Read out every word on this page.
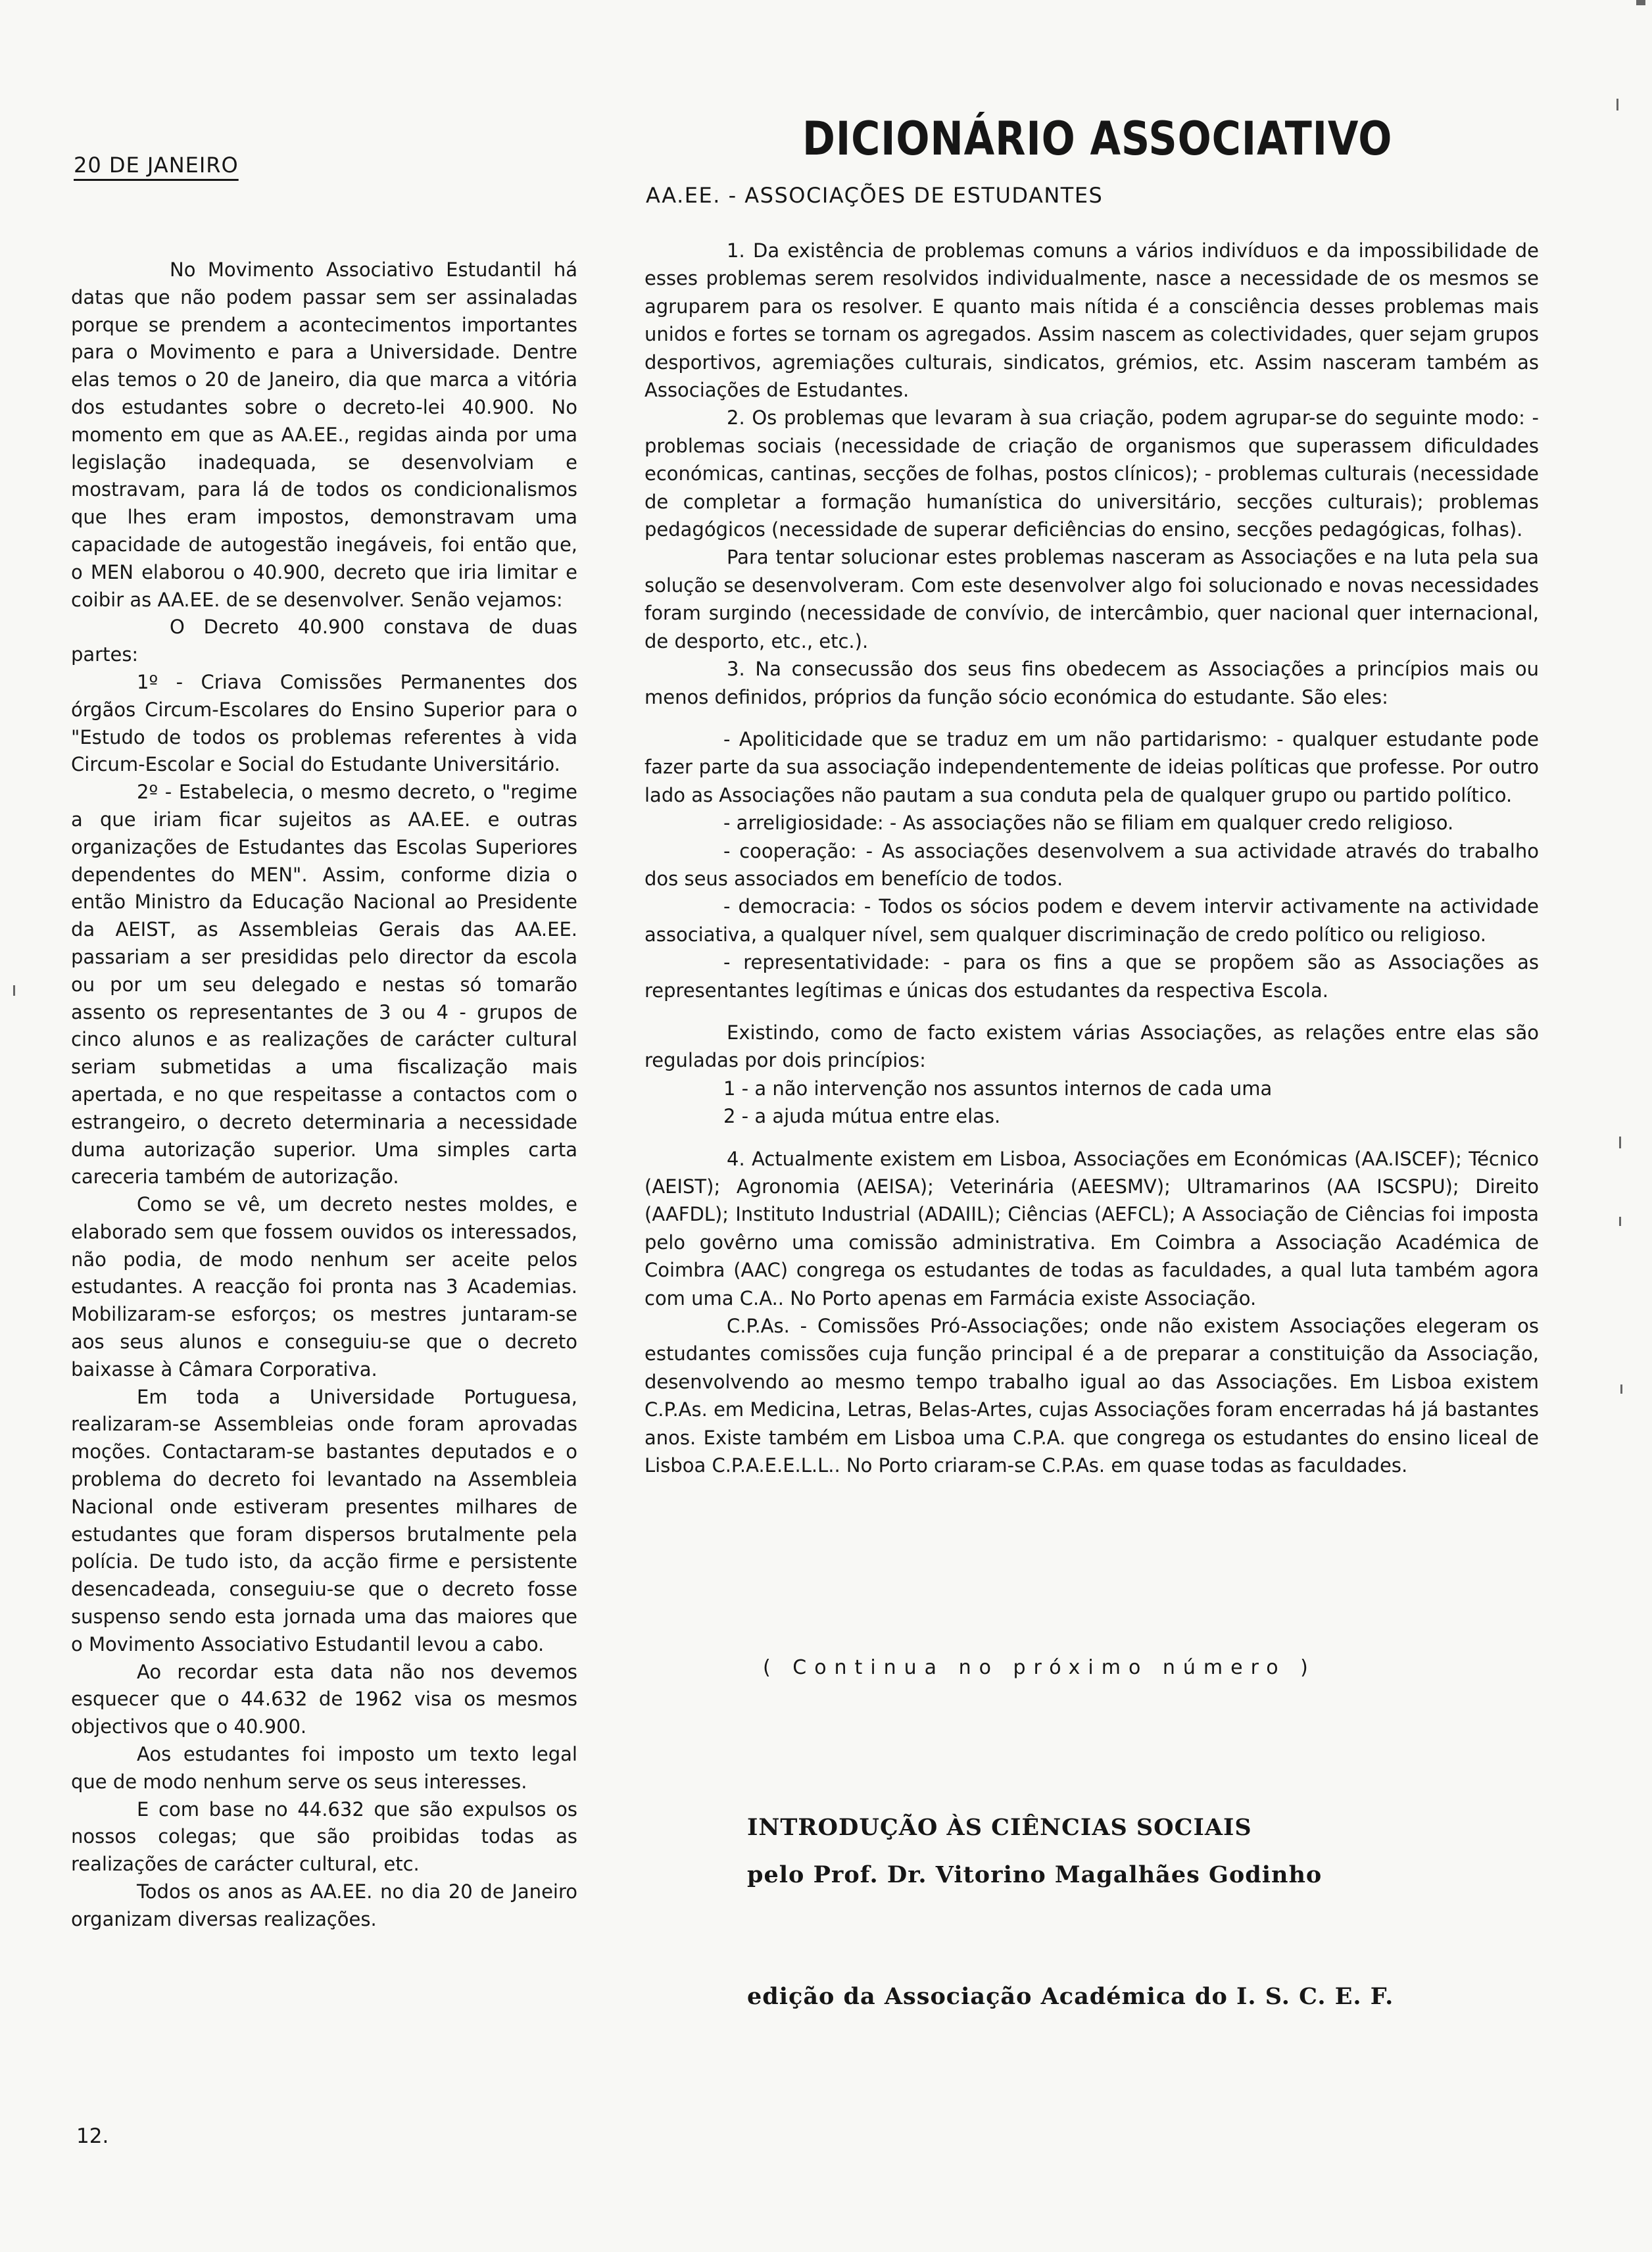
20 DE JANEIRO

No Movimento Associativo Estudantil há datas que não podem passar sem ser assinaladas porque se prendem a acontecimentos importantes para o Movimento e para a Universidade. Dentre elas temos o 20 de Janeiro, dia que marca a vitória dos estudantes sobre o decreto-lei 40.900. No momento em que as AA.EE., regidas ainda por uma legislação inadequada, se desenvolviam e mostravam, para lá de todos os condicionalismos que lhes eram impostos, demonstravam uma capacidade de autogestão inegáveis, foi então que, o MEN elaborou o 40.900, decreto que iria limitar e coibir as AA.EE. de se desenvolver. Senão vejamos:

O Decreto 40.900 constava de duas partes:

1º - Criava Comissões Permanentes dos órgãos Circum-Escolares do Ensino Superior para o "Estudo de todos os problemas referentes à vida Circum-Escolar e Social do Estudante Universitário.

2º - Estabelecia, o mesmo decreto, o "regime a que iriam ficar sujeitos as AA.EE. e outras organizações de Estudantes das Escolas Superiores dependentes do MEN". Assim, conforme dizia o então Ministro da Educação Nacional ao Presidente da AEIST, as Assembleias Gerais das AA.EE. passariam a ser presididas pelo director da escola ou por um seu delegado e nestas só tomarão assento os representantes de 3 ou 4 - grupos de cinco alunos e as realizações de carácter cultural seriam submetidas a uma fiscalização mais apertada, e no que respeitasse a contactos com o estrangeiro, o decreto determinaria a necessidade duma autorização superior. Uma simples carta careceria também de autorização.

Como se vê, um decreto nestes moldes, e elaborado sem que fossem ouvidos os interessados, não podia, de modo nenhum ser aceite pelos estudantes. A reacção foi pronta nas 3 Academias. Mobilizaram-se esforços; os mestres juntaram-se aos seus alunos e conseguiu-se que o decreto baixasse à Câmara Corporativa.

Em toda a Universidade Portuguesa, realizaram-se Assembleias onde foram aprovadas moções. Contactaram-se bastantes deputados e o problema do decreto foi levantado na Assembleia Nacional onde estiveram presentes milhares de estudantes que foram dispersos brutalmente pela polícia. De tudo isto, da acção firme e persistente desencadeada, conseguiu-se que o decreto fosse suspenso sendo esta jornada uma das maiores que o Movimento Associativo Estudantil levou a cabo.

Ao recordar esta data não nos devemos esquecer que o 44.632 de 1962 visa os mesmos objectivos que o 40.900.

Aos estudantes foi imposto um texto legal que de modo nenhum serve os seus interesses.

E com base no 44.632 que são expulsos os nossos colegas; que são proibidas todas as realizações de carácter cultural, etc.

Todos os anos as AA.EE. no dia 20 de Janeiro organizam diversas realizações.

12.
DICIONÁRIO ASSOCIATIVO
AA.EE. - ASSOCIAÇÕES DE ESTUDANTES

1. Da existência de problemas comuns a vários indivíduos e da impossibilidade de esses problemas serem resolvidos individualmente, nasce a necessidade de os mesmos se agruparem para os resolver. E quanto mais nítida é a consciência desses problemas mais unidos e fortes se tornam os agregados. Assim nascem as colectividades, quer sejam grupos desportivos, agremiações culturais, sindicatos, grémios, etc. Assim nasceram também as Associações de Estudantes.

2. Os problemas que levaram à sua criação, podem agrupar-se do seguinte modo: - problemas sociais (necessidade de criação de organismos que superassem dificuldades económicas, cantinas, secções de folhas, postos clínicos); - problemas culturais (necessidade de completar a formação humanística do universitário, secções culturais); problemas pedagógicos (necessidade de superar deficiências do ensino, secções pedagógicas, folhas).

Para tentar solucionar estes problemas nasceram as Associações e na luta pela sua solução se desenvolveram. Com este desenvolver algo foi solucionado e novas necessidades foram surgindo (necessidade de convívio, de intercâmbio, quer nacional quer internacional, de desporto, etc., etc.).

3. Na consecussão dos seus fins obedecem as Associações a princípios mais ou menos definidos, próprios da função sócio económica do estudante. São eles:

- Apoliticidade que se traduz em um não partidarismo: - qualquer estudante pode fazer parte da sua associação independentemente de ideias políticas que professe. Por outro lado as Associações não pautam a sua conduta pela de qualquer grupo ou partido político.

- arreligiosidade: - As associações não se filiam em qualquer credo religioso.

- cooperação: - As associações desenvolvem a sua actividade através do trabalho dos seus associados em benefício de todos.

- democracia: - Todos os sócios podem e devem intervir activamente na actividade associativa, a qualquer nível, sem qualquer discriminação de credo político ou religioso.

- representatividade: - para os fins a que se propõem são as Associações as representantes legítimas e únicas dos estudantes da respectiva Escola.

Existindo, como de facto existem várias Associações, as relações entre elas são reguladas por dois princípios:

1 - a não intervenção nos assuntos internos de cada uma

2 - a ajuda mútua entre elas.

4. Actualmente existem em Lisboa, Associações em Económicas (AA.ISCEF); Técnico (AEIST); Agronomia (AEISA); Veterinária (AEESMV); Ultramarinos (AA ISCSPU); Direito (AAFDL); Instituto Industrial (ADAIIL); Ciências (AEFCL); A Associação de Ciências foi imposta pelo govêrno uma comissão administrativa. Em Coimbra a Associação Académica de Coimbra (AAC) congrega os estudantes de todas as faculdades, a qual luta também agora com uma C.A.. No Porto apenas em Farmácia existe Associação.

C.P.As. - Comissões Pró-Associações; onde não existem Associações elegeram os estudantes comissões cuja função principal é a de preparar a constituição da Associação, desenvolvendo ao mesmo tempo trabalho igual ao das Associações. Em Lisboa existem C.P.As. em Medicina, Letras, Belas-Artes, cujas Associações foram encerradas há já bastantes anos. Existe também em Lisboa uma C.P.A. que congrega os estudantes do ensino liceal de Lisboa C.P.A.E.E.L.L.. No Porto criaram-se C.P.As. em quase todas as faculdades.

( Continua no próximo número )
INTRODUÇÃO ÀS CIÊNCIAS SOCIAIS
pelo Prof. Dr. Vitorino Magalhães Godinho
edição da Associação Académica do I. S. C. E. F.
